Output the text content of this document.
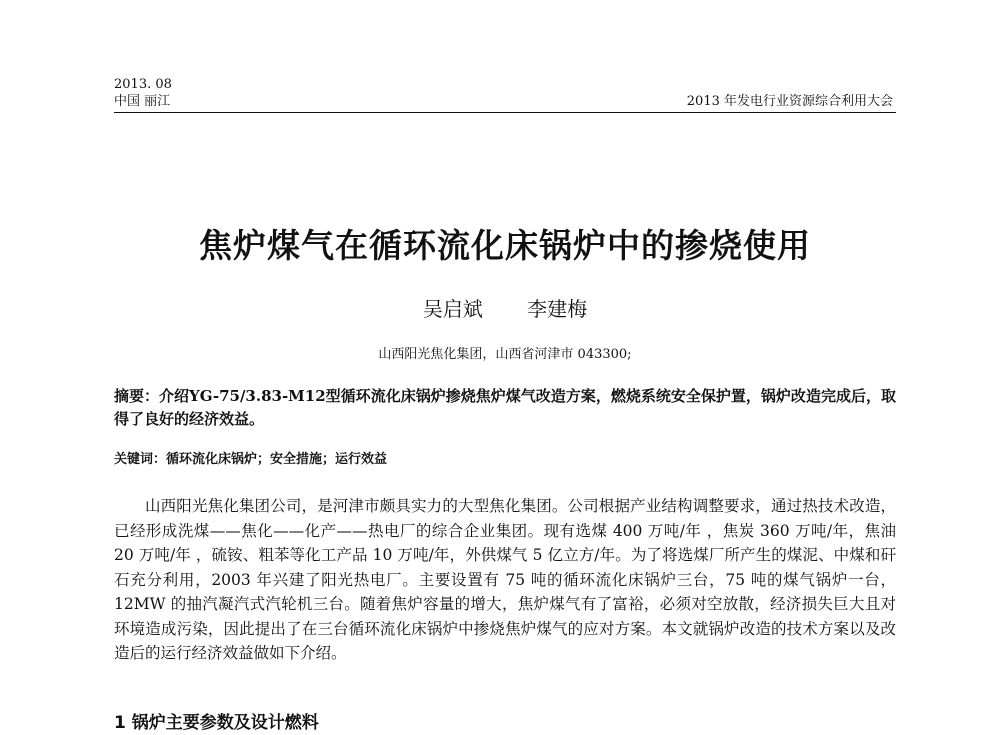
2013. 08
中国 丽江	2013 年发电行业资源综合利用大会
焦炉煤气在循环流化床锅炉中的掺烧使用
吴启斌 李建梅
山西阳光焦化集团，山西省河津市 043300;
摘要：介绍YG-75/3.83-M12型循环流化床锅炉掺烧焦炉煤气改造方案，燃烧系统安全保护置，锅炉改造完成后，取得了良好的经济效益。
关键词：循环流化床锅炉；安全措施；运行效益
山西阳光焦化集团公司，是河津市颇具实力的大型焦化集团。公司根据产业结构调整要求，通过热技术改造，已经形成洗煤——焦化——化产——热电厂的综合企业集团。现有选煤 400 万吨/年 ，焦炭 360 万吨/年，焦油 20 万吨/年 ，硫铵、粗苯等化工产品 10 万吨/年，外供煤气 5 亿立方/年。为了将选煤厂所产生的煤泥、中煤和矸石充分利用，2003 年兴建了阳光热电厂。主要设置有 75 吨的循环流化床锅炉三台，75 吨的煤气锅炉一台，12MW 的抽汽凝汽式汽轮机三台。随着焦炉容量的增大，焦炉煤气有了富裕，必须对空放散，经济损失巨大且对环境造成污染，因此提出了在三台循环流化床锅炉中掺烧焦炉煤气的应对方案。本文就锅炉改造的技术方案以及改造后的运行经济效益做如下介绍。
1 锅炉主要参数及设计燃料
